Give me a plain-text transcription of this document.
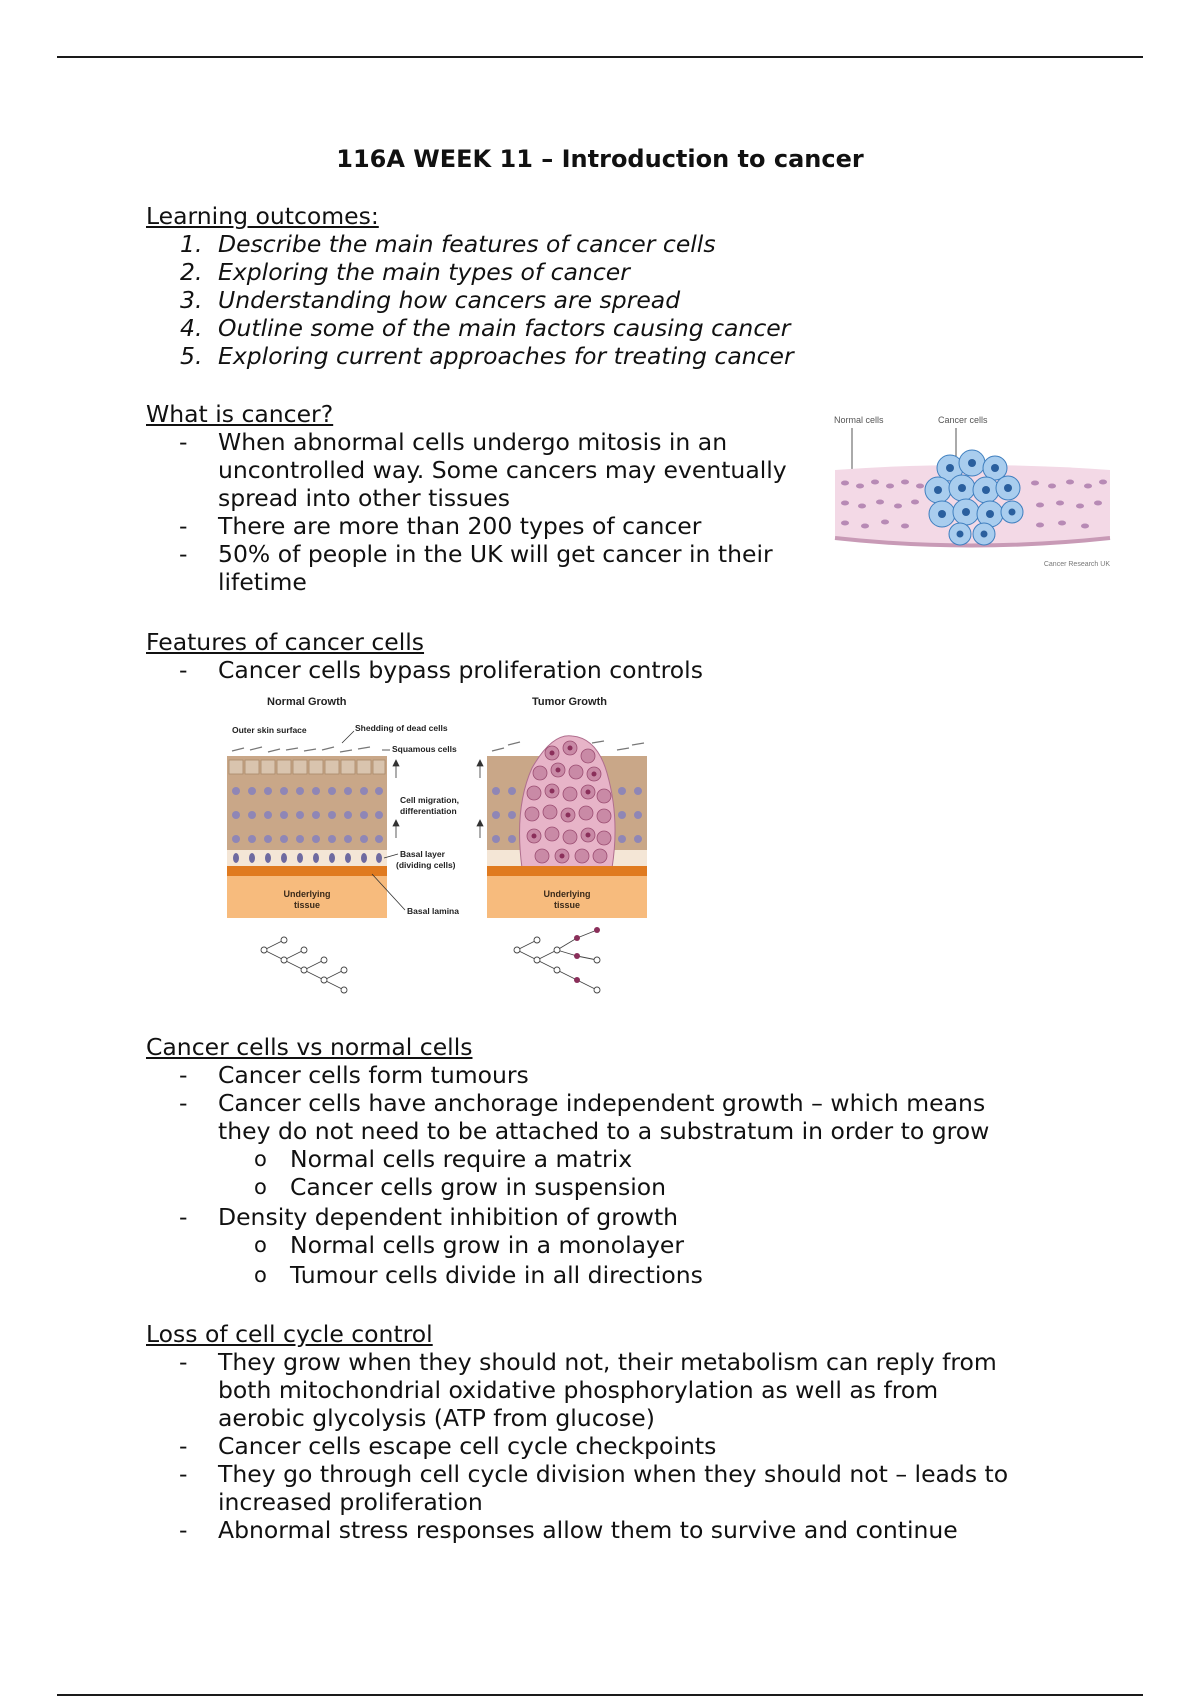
116A WEEK 11 – Introduction to cancer
Learning outcomes:
1. Describe the main features of cancer cells
2. Exploring the main types of cancer
3. Understanding how cancers are spread
4. Outline some of the main factors causing cancer
5. Exploring current approaches for treating cancer
What is cancer?
- When abnormal cells undergo mitosis in an
uncontrolled way. Some cancers may eventually
spread into other tissues
- There are more than 200 types of cancer
- 50% of people in the UK will get cancer in their
lifetime
Normal cells	Cancer cells
Cancer Research UK
Features of cancer cells
- Cancer cells bypass proliferation controls
Normal Growth	Tumor Growth
Outer skin surface	Shedding of dead cells
Underlying
tissue
Underlying
tissue
Squamous cells
Cell migration,
differentiation
Basal layer
(dividing cells)
Basal lamina
Cancer cells vs normal cells
- Cancer cells form tumours
- Cancer cells have anchorage independent growth – which means
they do not need to be attached to a substratum in order to grow
o Normal cells require a matrix
o Cancer cells grow in suspension
- Density dependent inhibition of growth
o Normal cells grow in a monolayer
o Tumour cells divide in all directions
Loss of cell cycle control
- They grow when they should not, their metabolism can reply from
both mitochondrial oxidative phosphorylation as well as from
aerobic glycolysis (ATP from glucose)
- Cancer cells escape cell cycle checkpoints
- They go through cell cycle division when they should not – leads to
increased proliferation
- Abnormal stress responses allow them to survive and continue
